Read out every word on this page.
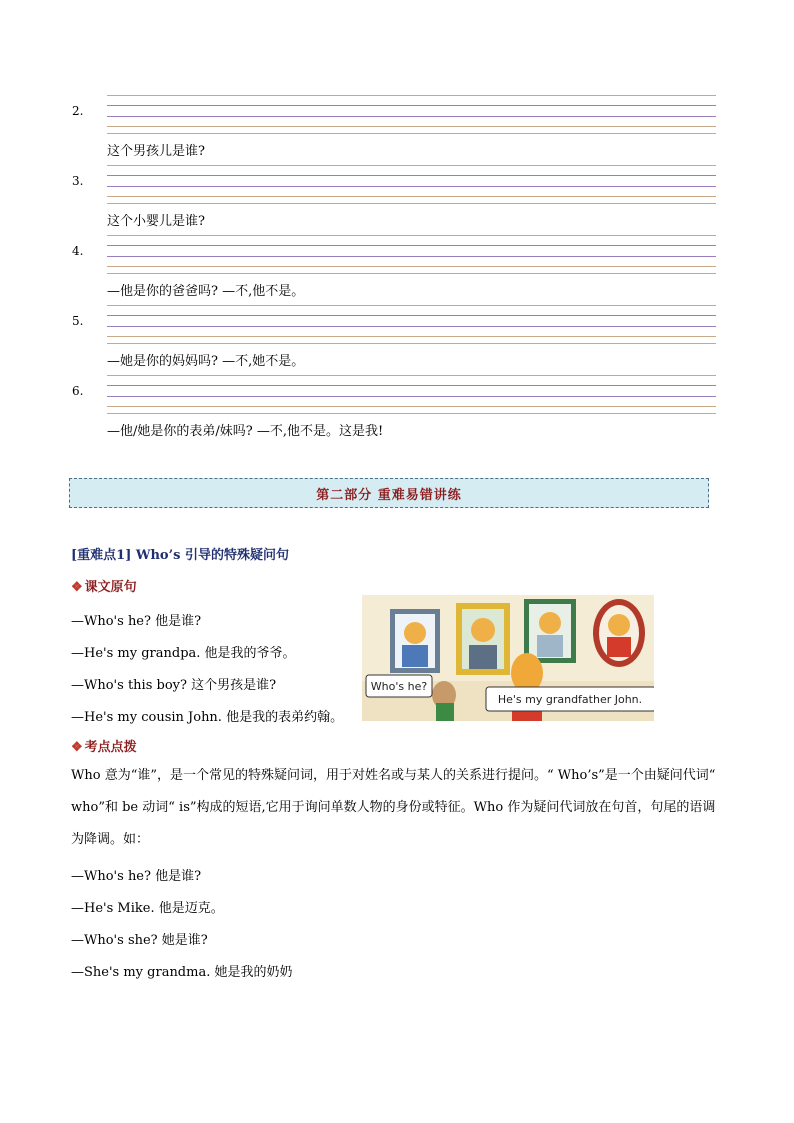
2.
这个男孩儿是谁?
3.
这个小婴儿是谁?
4.
—他是你的爸爸吗? —不,他不是。
5.
—她是你的妈妈吗? —不,她不是。
6.
—他/她是你的表弟/妹吗? —不,他不是。这是我!
第二部分 重难易错讲练
[重难点1] Who’s 引导的特殊疑问句
❖ 课文原句
—Who's he? 他是谁?
—He's my grandpa. 他是我的爷爷。
—Who's this boy? 这个男孩是谁?
—He's my cousin John. 他是我的表弟约翰。
Who's he?
He's my grandfather John.
❖ 考点点拨
Who 意为“谁”，是一个常见的特殊疑问词，用于对姓名或与某人的关系进行提问。“ Who’s”是一个由疑问代词“ who”和 be 动词“ is”构成的短语,它用于询问单数人物的身份或特征。Who 作为疑问代词放在句首，句尾的语调为降调。如：
—Who's he? 他是谁?
—He's Mike. 他是迈克。
—Who's she? 她是谁?
—She's my grandma. 她是我的奶奶
